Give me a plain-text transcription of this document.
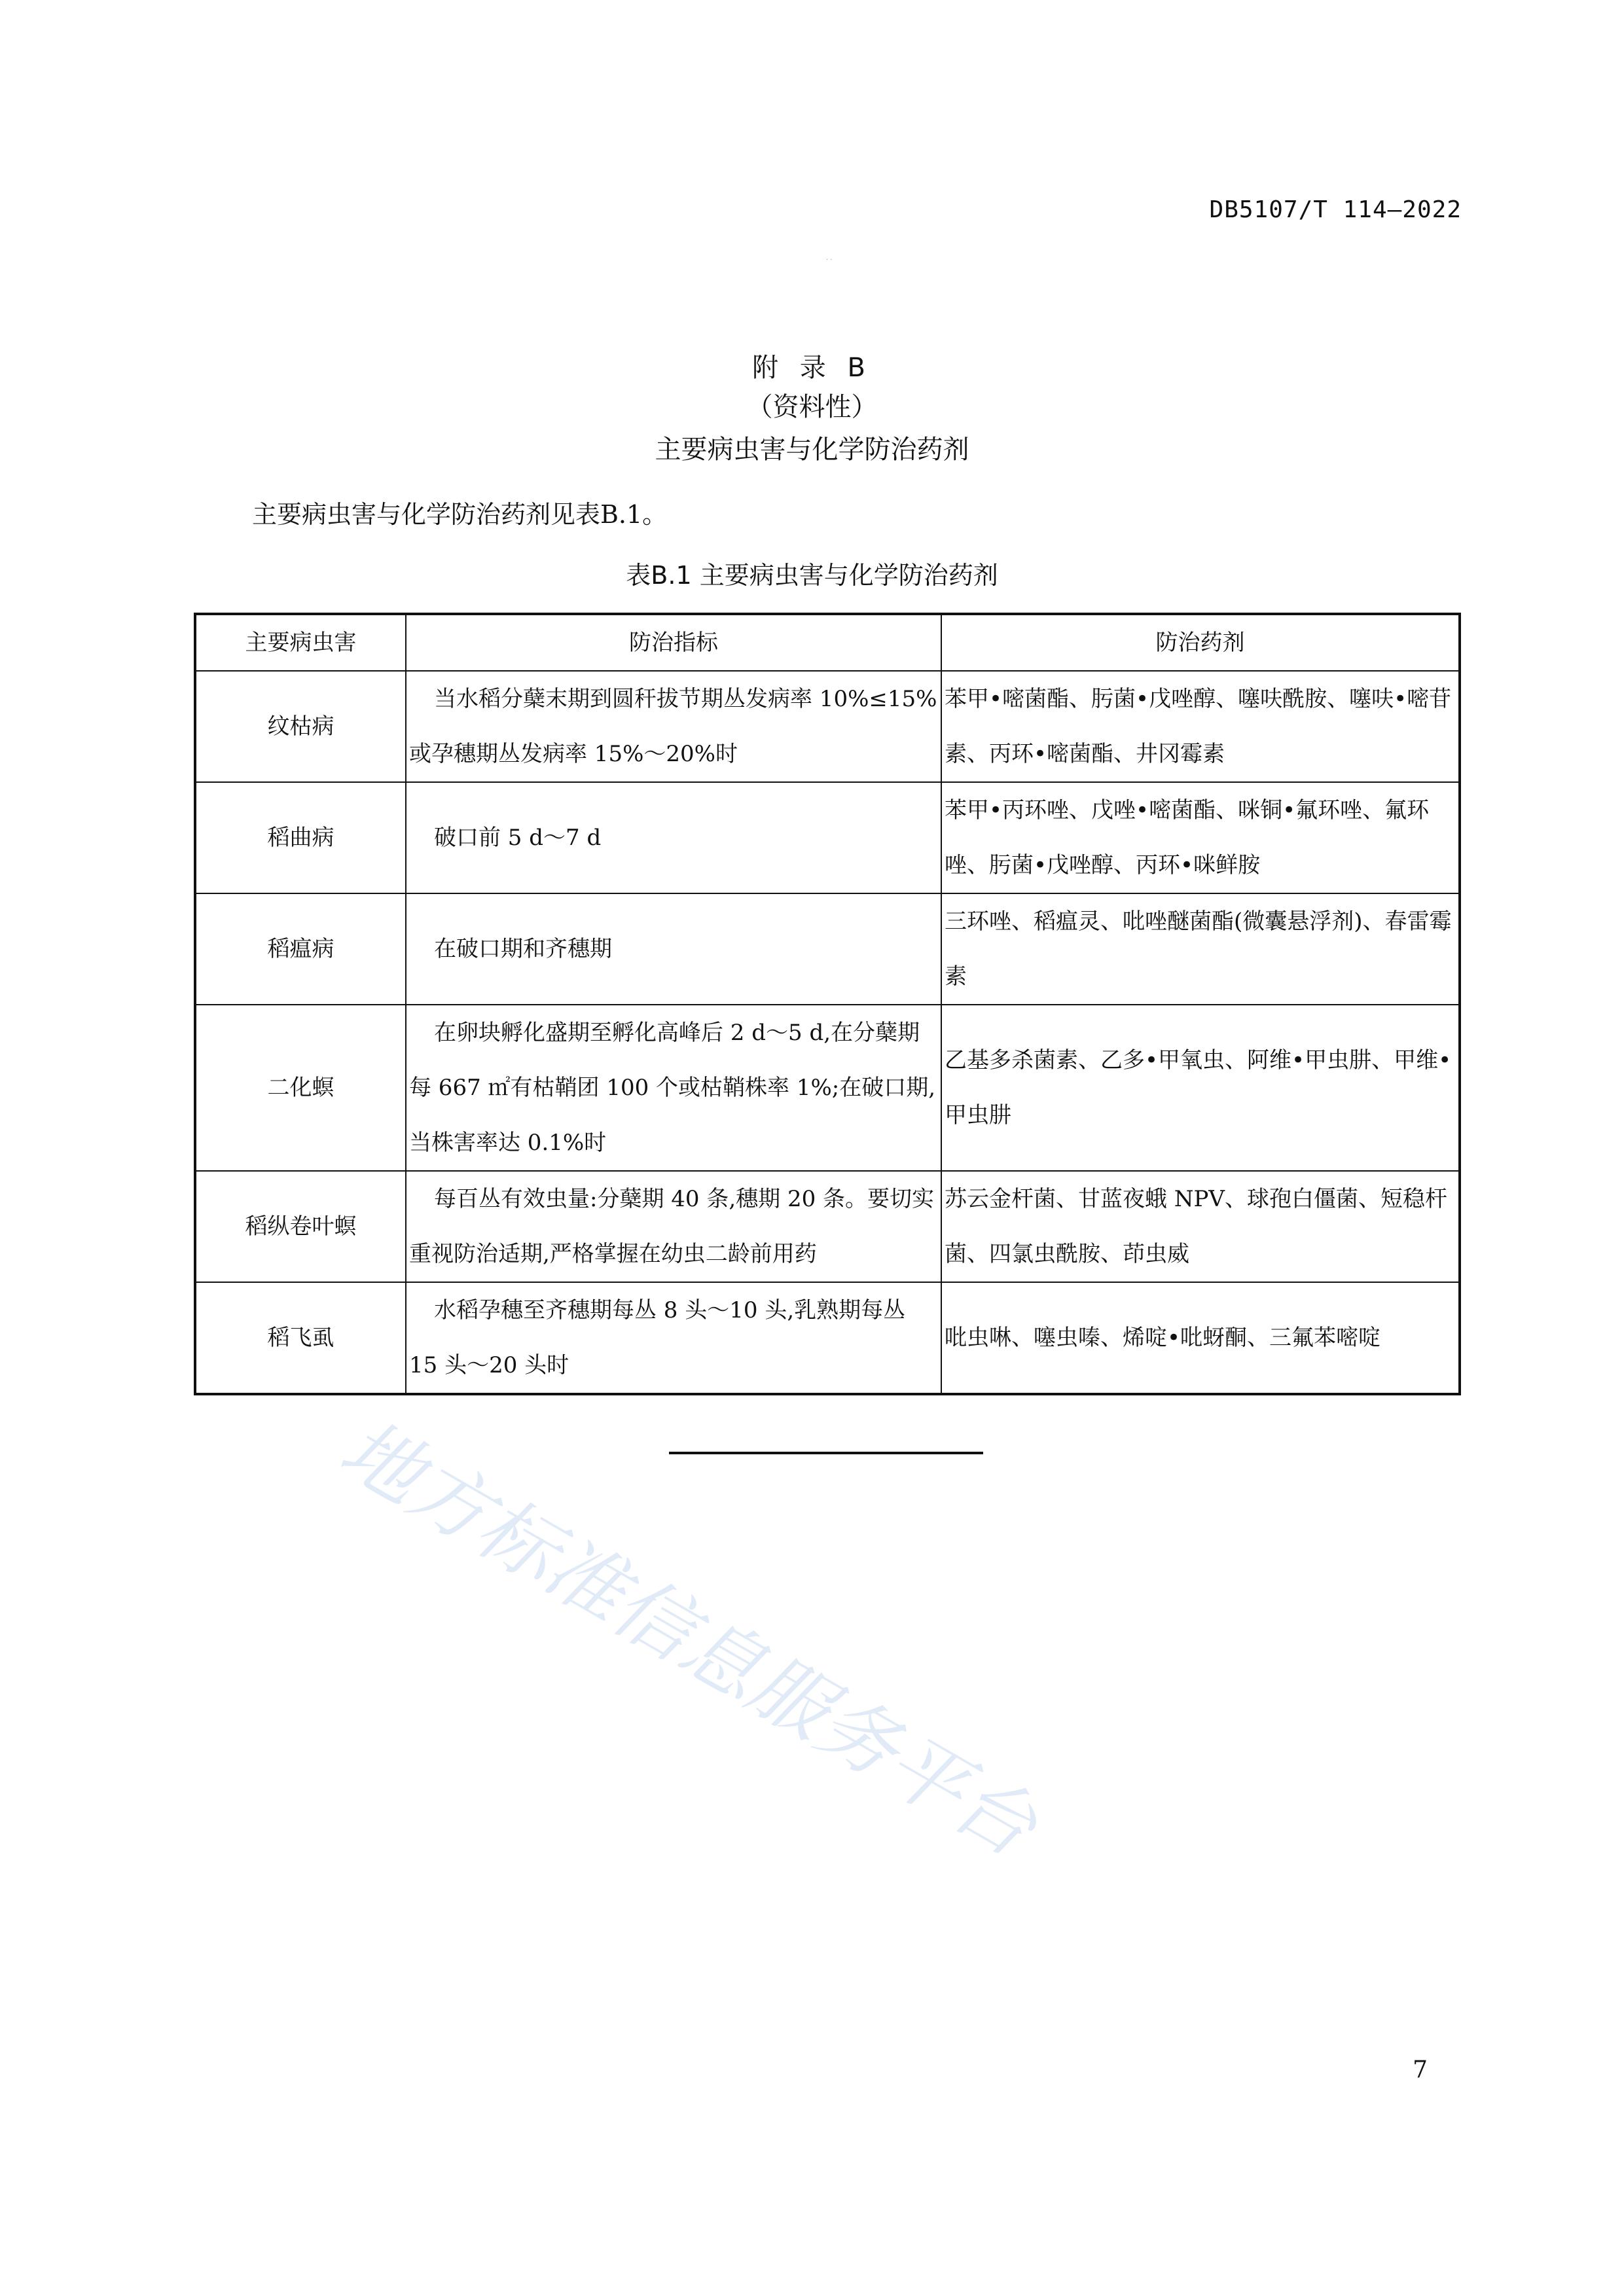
DB5107/T 114—2022
· ·
附 录 B
（资料性）
主要病虫害与化学防治药剂
主要病虫害与化学防治药剂见表B.1。
表B.1 主要病虫害与化学防治药剂
主要病虫害	防治指标	防治药剂
纹枯病	当水稻分蘖末期到圆秆拔节期丛发病率 10%≤15%或孕穗期丛发病率 15%～20%时	苯甲•嘧菌酯、肟菌•戊唑醇、噻呋酰胺、噻呋•嘧苷素、丙环•嘧菌酯、井冈霉素
稻曲病	破口前 5 d～7 d	苯甲•丙环唑、戊唑•嘧菌酯、咪铜•氟环唑、氟环唑、肟菌•戊唑醇、丙环•咪鲜胺
稻瘟病	在破口期和齐穗期	三环唑、稻瘟灵、吡唑醚菌酯(微囊悬浮剂)、春雷霉素
二化螟	在卵块孵化盛期至孵化高峰后 2 d～5 d,在分蘖期每 667 ㎡有枯鞘团 100 个或枯鞘株率 1%;在破口期,当株害率达 0.1%时	乙基多杀菌素、乙多•甲氧虫、阿维•甲虫肼、甲维•甲虫肼
稻纵卷叶螟	每百丛有效虫量:分蘖期 40 条,穗期 20 条。要切实重视防治适期,严格掌握在幼虫二龄前用药	苏云金杆菌、甘蓝夜蛾 NPV、球孢白僵菌、短稳杆菌、四氯虫酰胺、茚虫威
稻飞虱	水稻孕穗至齐穗期每丛 8 头～10 头,乳熟期每丛 15 头～20 头时	吡虫啉、噻虫嗪、烯啶•吡蚜酮、三氟苯嘧啶
地方标准信息服务平台
7
